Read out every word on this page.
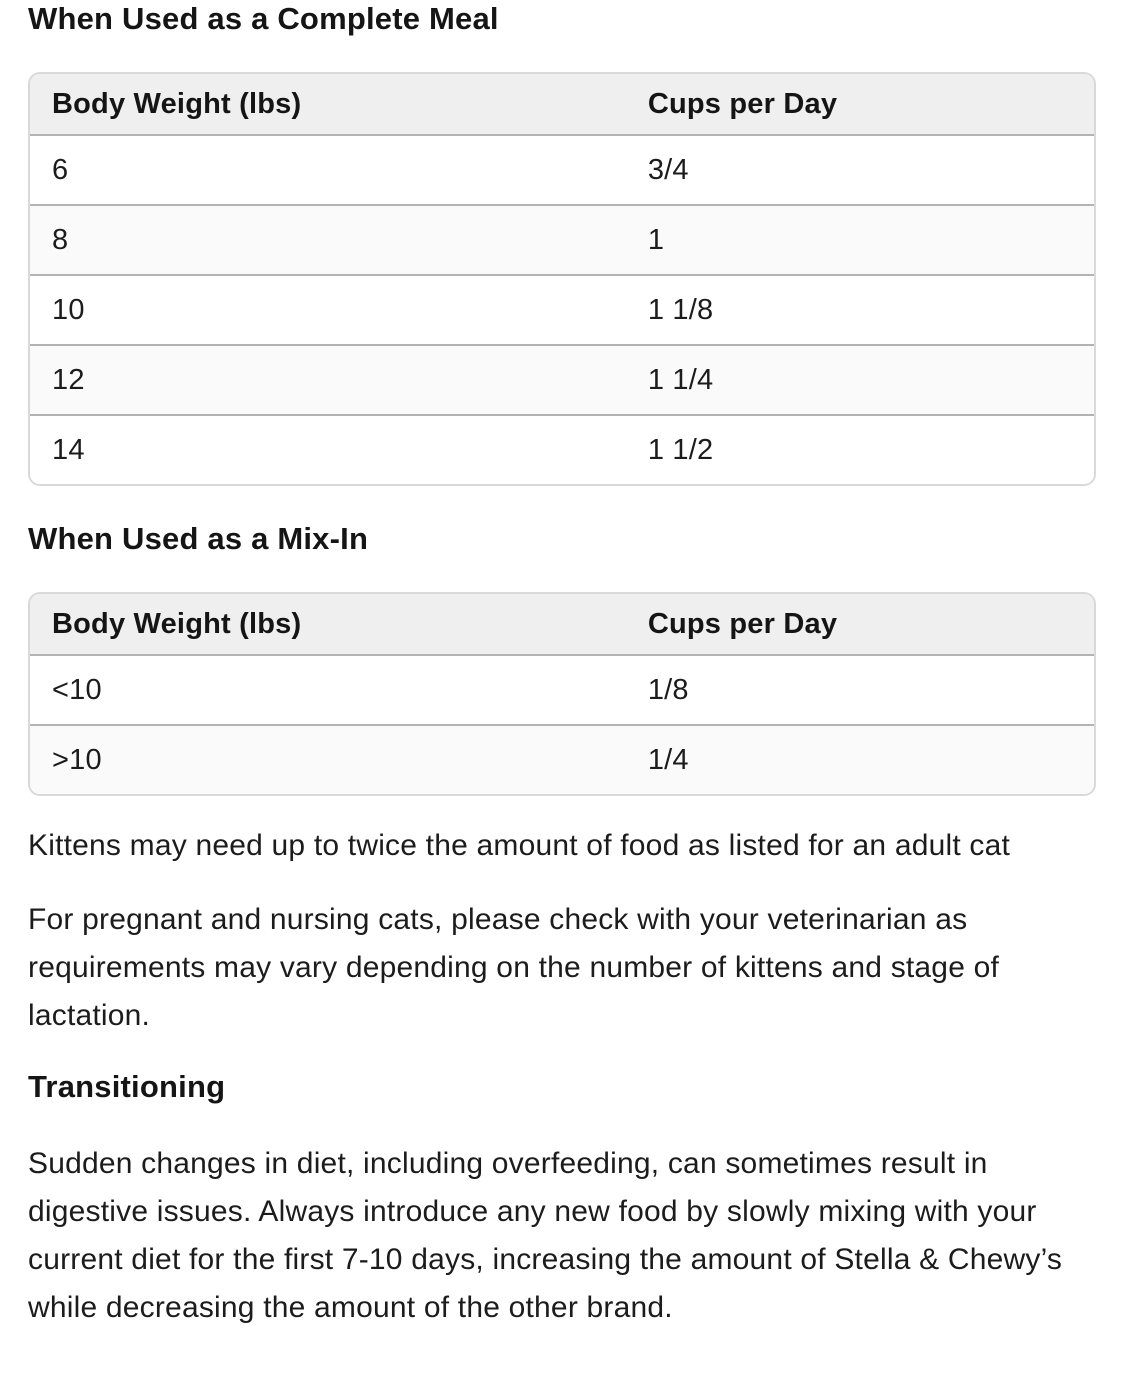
When Used as a Complete Meal
Body Weight (lbs)	Cups per Day
6	3/4
8	1
10	1 1/8
12	1 1/4
14	1 1/2
When Used as a Mix-In
Body Weight (lbs)	Cups per Day
<10	1/8
>10	1/4

Kittens may need up to twice the amount of food as listed for an adult cat

For pregnant and nursing cats, please check with your veterinarian as requirements may vary depending on the number of kittens and stage of lactation.

Transitioning

Sudden changes in diet, including overfeeding, can sometimes result in digestive issues. Always introduce any new food by slowly mixing with your current diet for the first 7-10 days, increasing the amount of Stella & Chewy’s while decreasing the amount of the other brand.
